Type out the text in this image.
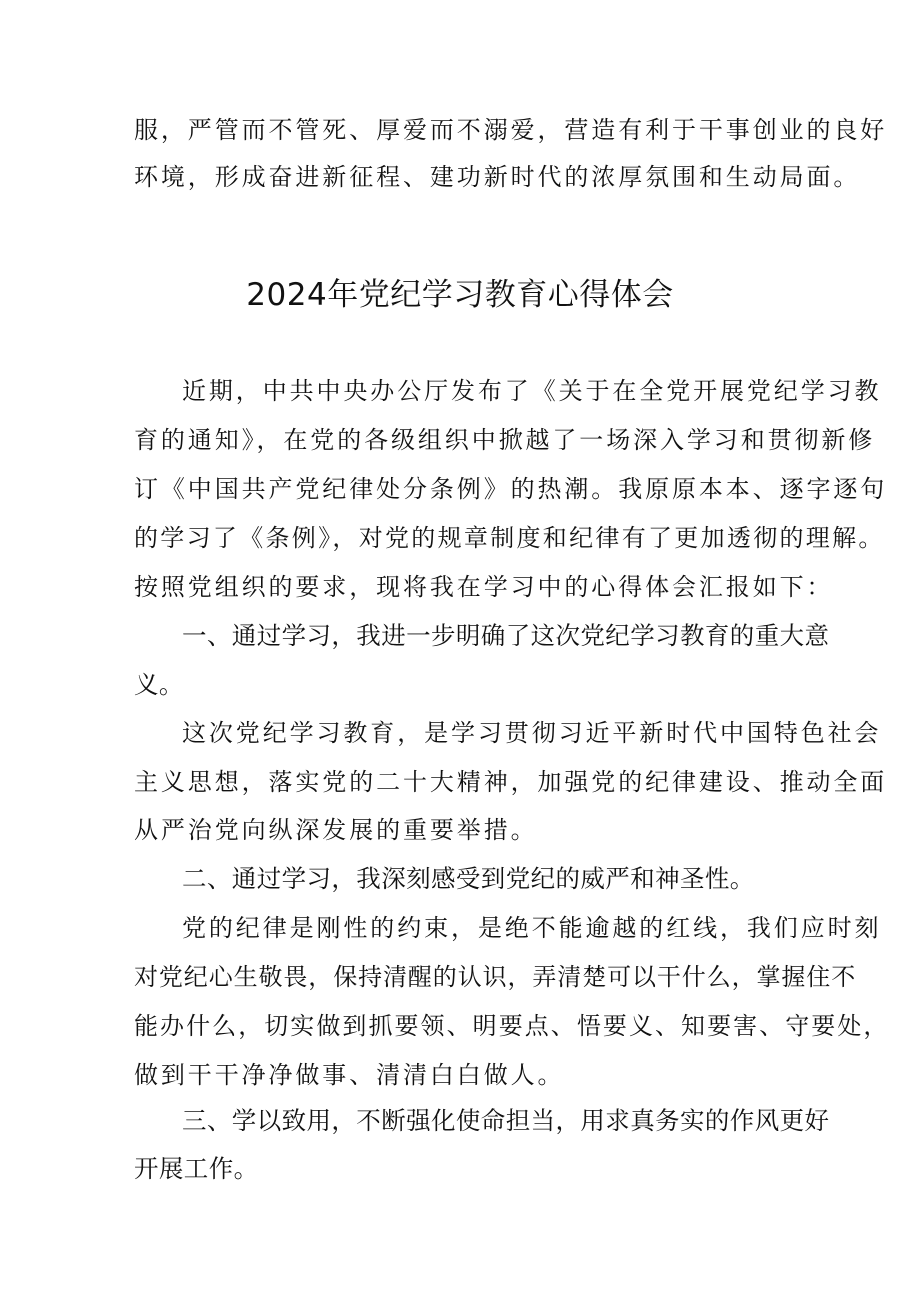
服，严管而不管死、厚爱而不溺爱，营造有利于干事创业的良好
环境，形成奋进新征程、建功新时代的浓厚氛围和生动局面。
2024年党纪学习教育心得体会
近期，中共中央办公厅发布了《关于在全党开展党纪学习教
育的通知》，在党的各级组织中掀越了一场深入学习和贯彻新修
订《中国共产党纪律处分条例》的热潮。我原原本本、逐字逐句
的学习了《条例》，对党的规章制度和纪律有了更加透彻的理解。
按照党组织的要求，现将我在学习中的心得体会汇报如下：
一、通过学习，我进一步明确了这次党纪学习教育的重大意
义。
这次党纪学习教育，是学习贯彻习近平新时代中国特色社会
主义思想，落实党的二十大精神，加强党的纪律建设、推动全面
从严治党向纵深发展的重要举措。
二、通过学习，我深刻感受到党纪的威严和神圣性。
党的纪律是刚性的约束，是绝不能逾越的红线，我们应时刻
对党纪心生敬畏，保持清醒的认识，弄清楚可以干什么，掌握住不
能办什么，切实做到抓要领、明要点、悟要义、知要害、守要处，
做到干干净净做事、清清白白做人。
三、学以致用，不断强化使命担当，用求真务实的作风更好
开展工作。
